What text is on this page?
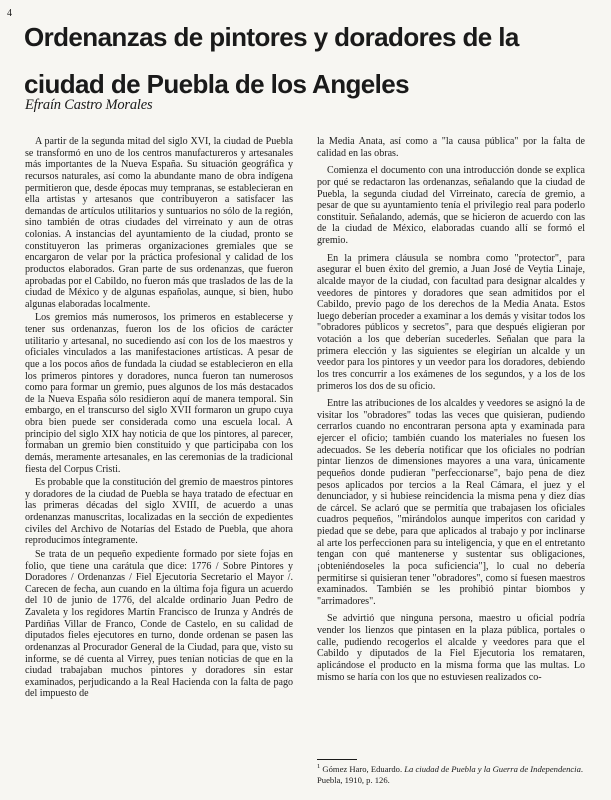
4
Ordenanzas de pintores y doradores de la
ciudad de Puebla de los Angeles
Efraín Castro Morales

A partir de la segunda mitad del siglo XVI, la ciudad de Puebla se transformó en uno de los centros manufactureros y artesanales más importantes de la Nueva España. Su situación geográfica y recursos naturales, así como la abundante mano de obra indígena permitieron que, desde épocas muy tempranas, se establecieran en ella artistas y artesanos que contribuyeron a satisfacer las demandas de artículos utilitarios y suntuarios no sólo de la región, sino también de otras ciudades del virreinato y aun de otras colonias. A instancias del ayuntamiento de la ciudad, pronto se constituyeron las primeras organizaciones gremiales que se encargaron de velar por la práctica profesional y calidad de los productos elaborados. Gran parte de sus ordenanzas, que fueron aprobadas por el Cabildo, no fueron más que traslados de las de la ciudad de México y de algunas españolas, aunque, si bien, hubo algunas elaboradas localmente.

Los gremios más numerosos, los primeros en establecerse y tener sus ordenanzas, fueron los de los oficios de carácter utilitario y artesanal, no sucediendo así con los de los maestros y oficiales vinculados a las manifestaciones artísticas. A pesar de que a los pocos años de fundada la ciudad se establecieron en ella los primeros pintores y doradores, nunca fueron tan numerosos como para formar un gremio, pues algunos de los más destacados de la Nueva España sólo residieron aquí de manera temporal. Sin embargo, en el transcurso del siglo XVII formaron un grupo cuya obra bien puede ser considerada como una escuela local. A principio del siglo XIX hay noticia de que los pintores, al parecer, formaban un gremio bien constituido y que participaba con los demás, meramente artesanales, en las ceremonias de la tradicional fiesta del Corpus Cristi.

Es probable que la constitución del gremio de maestros pintores y doradores de la ciudad de Puebla se haya tratado de efectuar en las primeras décadas del siglo XVIII, de acuerdo a unas ordenanzas manuscritas, localizadas en la sección de expedientes civiles del Archivo de Notarías del Estado de Puebla, que ahora reproducimos íntegramente.

Se trata de un pequeño expediente formado por siete fojas en folio, que tiene una carátula que dice: 1776 / Sobre Pintores y Doradores / Ordenanzas / Fiel Ejecutoria Secretario el Mayor /. Carecen de fecha, aun cuando en la última foja figura un acuerdo del 10 de junio de 1776, del alcalde ordinario Juan Pedro de Zavaleta y los regidores Martín Francisco de Irunza y Andrés de Pardiñas Villar de Franco, Conde de Castelo, en su calidad de diputados fieles ejecutores en turno, donde ordenan se pasen las ordenanzas al Procurador General de la Ciudad, para que, visto su informe, se dé cuenta al Virrey, pues tenían noticias de que en la ciudad trabajaban muchos pintores y doradores sin estar examinados, perjudicando a la Real Hacienda con la falta de pago del impuesto de

la Media Anata, así como a "la causa pública" por la falta de calidad en las obras.

Comienza el documento con una introducción donde se explica por qué se redactaron las ordenanzas, señalando que la ciudad de Puebla, la segunda ciudad del Virreinato, carecía de gremio, a pesar de que su ayuntamiento tenía el privilegio real para poderlo constituir. Señalando, además, que se hicieron de acuerdo con las de la ciudad de México, elaboradas cuando allí se formó el gremio.

En la primera cláusula se nombra como "protector", para asegurar el buen éxito del gremio, a Juan José de Veytia Linaje, alcalde mayor de la ciudad, con facultad para designar alcaldes y veedores de pintores y doradores que sean admitidos por el Cabildo, previo pago de los derechos de la Media Anata. Estos luego deberían proceder a examinar a los demás y visitar todos los "obradores públicos y secretos", para que después eligieran por votación a los que deberían sucederles. Señalan que para la primera elección y las siguientes se elegirían un alcalde y un veedor para los pintores y un veedor para los doradores, debiendo los tres concurrir a los exámenes de los segundos, y a los de los primeros los dos de su oficio.

Entre las atribuciones de los alcaldes y veedores se asignó la de visitar los "obradores" todas las veces que quisieran, pudiendo cerrarlos cuando no encontraran persona apta y examinada para ejercer el oficio; también cuando los materiales no fuesen los adecuados. Se les debería notificar que los oficiales no podrían pintar lienzos de dimensiones mayores a una vara, únicamente pequeños donde pudieran "perfeccionarse", bajo pena de diez pesos aplicados por tercios a la Real Cámara, el juez y el denunciador, y si hubiese reincidencia la misma pena y diez días de cárcel. Se aclaró que se permitía que trabajasen los oficiales cuadros pequeños, "mirándolos aunque imperitos con caridad y piedad que se debe, para que aplicados al trabajo y por inclinarse al arte los perfeccionen para su inteligencia, y que en el entretanto tengan con qué mantenerse y sustentar sus obligaciones, ¡obteniéndoseles la poca suficiencia"], lo cual no debería permitirse si quisieran tener "obradores", como sí fuesen maestros examinados. También se les prohibió pintar biombos y "arrimadores".

Se advirtió que ninguna persona, maestro u oficial podría vender los lienzos que pintasen en la plaza pública, portales o calle, pudiendo recogerlos el alcalde y veedores para que el Cabildo y diputados de la Fiel Ejecutoria los remataren, aplicándose el producto en la misma forma que las multas. Lo mismo se haría con los que no estuviesen realizados co-

$^1$ Gómez Haro, Eduardo. La ciudad de Puebla y la Guerra de Independencia. Puebla, 1910, p. 126.
